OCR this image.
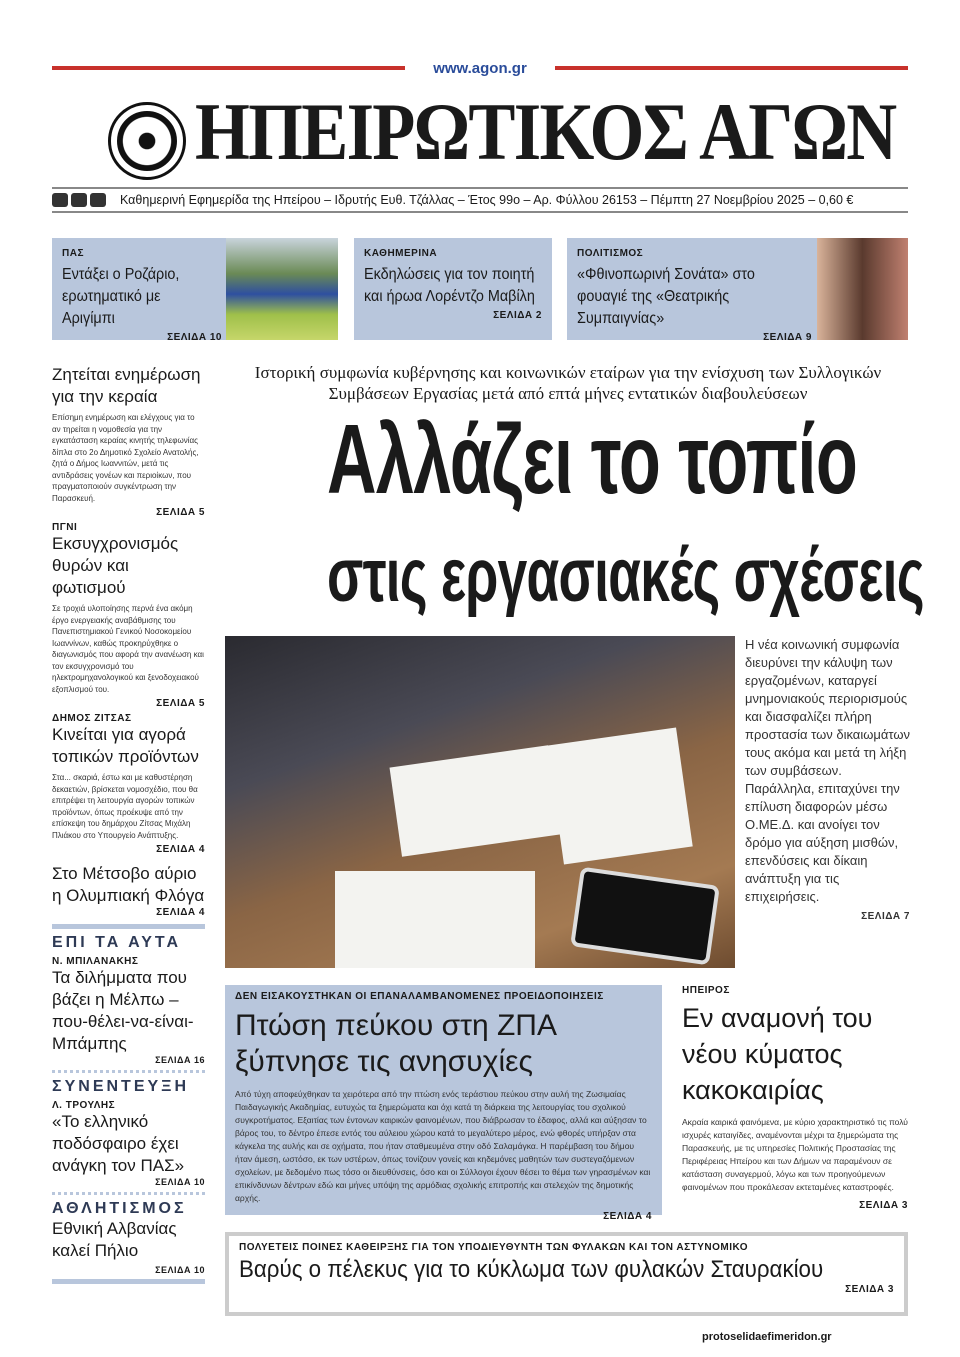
www.agon.gr
ΗΠΕΙΡΩΤΙΚΟΣ ΑΓΩΝ
Καθημερινή Εφημερίδα της Ηπείρου – Ιδρυτής Ευθ. Τζάλλας – Έτος 99ο – Αρ. Φύλλου 26153 – Πέμπτη 27 Νοεμβρίου 2025 – 0,60 €
ΠΑΣ
Εντάξει ο Ροζάριο, ερωτηματικό με Αριγίμπι
ΣΕΛΙΔΑ 10
ΚΑΘΗΜΕΡΙΝΑ
Εκδηλώσεις για τον ποιητή και ήρωα Λορέντζο Μαβίλη
ΣΕΛΙΔΑ 2
ΠΟΛΙΤΙΣΜΟΣ
«Φθινοπωρινή Σονάτα» στο φουαγιέ της «Θεατρικής Συμπαιγνίας»
ΣΕΛΙΔΑ 9
Ζητείται ενημέρωση για την κεραία

Επίσημη ενημέρωση και ελέγχους για το αν τηρείται η νομοθεσία για την εγκατάσταση κεραίας κινητής τηλεφωνίας δίπλα στο 2ο Δημοτικό Σχολείο Ανατολής, ζητά ο Δήμος Ιωαννιτών, μετά τις αντιδράσεις γονέων και περιοίκων, που πραγματοποιούν συγκέντρωση την Παρασκευή.

ΣΕΛΙΔΑ 5
ΠΓΝΙ
Εκσυγχρονισμός θυρών και φωτισμού

Σε τροχιά υλοποίησης περνά ένα ακόμη έργο ενεργειακής αναβάθμισης του Πανεπιστημιακού Γενικού Νοσοκομείου Ιωαννίνων, καθώς προκηρύχθηκε ο διαγωνισμός που αφορά την ανανέωση και τον εκσυγχρονισμό του ηλεκτρομηχανολογικού και ξενοδοχειακού εξοπλισμού του.

ΣΕΛΙΔΑ 5
ΔΗΜΟΣ ΖΙΤΣΑΣ
Κινείται για αγορά τοπικών προϊόντων

Στα... σκαριά, έστω και με καθυστέρηση δεκαετιών, βρίσκεται νομοσχέδιο, που θα επιτρέψει τη λειτουργία αγορών τοπικών προϊόντων, όπως προέκυψε από την επίσκεψη του δημάρχου Ζίτσας Μιχάλη Πλιάκου στο Υπουργείο Ανάπτυξης.

ΣΕΛΙΔΑ 4
Στο Μέτσοβο αύριο η Ολυμπιακή Φλόγα
ΣΕΛΙΔΑ 4
ΕΠΙ ΤΑ ΑΥΤΑ
Ν. ΜΠΙΛΑΝΑΚΗΣ
Τα διλήμματα που βάζει η Μέλπω –που-θέλει-να-είναι- Μπάμπης
ΣΕΛΙΔΑ 16
ΣΥΝΕΝΤΕΥΞΗ
Λ. ΤΡΟΥΛΗΣ
«Το ελληνικό ποδόσφαιρο έχει ανάγκη τον ΠΑΣ»
ΣΕΛΙΔΑ 10
ΑΘΛΗΤΙΣΜΟΣ
Εθνική Αλβανίας καλεί Πήλιο
ΣΕΛΙΔΑ 10
Ιστορική συμφωνία κυβέρνησης και κοινωνικών εταίρων για την ενίσχυση των Συλλογικών Συμβάσεων Εργασίας μετά από επτά μήνες εντατικών διαβουλεύσεων
Αλλάζει το τοπίο
στις εργασιακές σχέσεις
Η νέα κοινωνική συμφωνία διευρύνει την κάλυψη των εργαζομένων, καταργεί μνημονιακούς περιορισμούς και διασφαλίζει πλήρη προστασία των δικαιωμάτων τους ακόμα και μετά τη λήξη των συμβάσεων. Παράλληλα, επιταχύνει την επίλυση διαφορών μέσω Ο.ΜΕ.Δ. και ανοίγει τον δρόμο για αύξηση μισθών, επενδύσεις και δίκαιη ανάπτυξη για τις επιχειρήσεις.
ΣΕΛΙΔΑ 7
ΔΕΝ ΕΙΣΑΚΟΥΣΤΗΚΑΝ ΟΙ ΕΠΑΝΑΛΑΜΒΑΝΟΜΕΝΕΣ ΠΡΟΕΙΔΟΠΟΙΗΣΕΙΣ
Πτώση πεύκου στη ΖΠΑ ξύπνησε τις ανησυχίες

Από τύχη αποφεύχθηκαν τα χειρότερα από την πτώση ενός τεράστιου πεύκου στην αυλή της Ζωσιμαίας Παιδαγωγικής Ακαδημίας, ευτυχώς τα ξημερώματα και όχι κατά τη διάρκεια της λειτουργίας του σχολικού συγκροτήματος. Εξαιτίας των έντονων καιρικών φαινομένων, που διάβρωσαν το έδαφος, αλλά και αύξησαν το βάρος του, το δέντρο έπεσε εντός του αύλειου χώρου κατά το μεγαλύτερο μέρος, ενώ φθορές υπήρξαν στα κάγκελα της αυλής και σε οχήματα, που ήταν σταθμευμένα στην οδό Σαλαμάγκα. Η παρέμβαση του δήμου ήταν άμεση, ωστόσο, εκ των υστέρων, όπως τονίζουν γονείς και κηδεμόνες μαθητών των συστεγαζόμενων σχολείων, με δεδομένο πως τόσο οι διευθύνσεις, όσο και οι Σύλλογοι έχουν θέσει το θέμα των γηρασμένων και επικίνδυνων δέντρων εδώ και μήνες υπόψη της αρμόδιας σχολικής επιτροπής και στελεχών της δημοτικής αρχής.

ΣΕΛΙΔΑ 4
ΗΠΕΙΡΟΣ
Εν αναμονή του νέου κύματος κακοκαιρίας

Ακραία καιρικά φαινόμενα, με κύριο χαρακτηριστικό τις πολύ ισχυρές καταιγίδες, αναμένονται μέχρι τα ξημερώματα της Παρασκευής, με τις υπηρεσίες Πολιτικής Προστασίας της Περιφέρειας Ηπείρου και των Δήμων να παραμένουν σε κατάσταση συναγερμού, λόγω και των προηγούμενων φαινομένων που προκάλεσαν εκτεταμένες καταστροφές.

ΣΕΛΙΔΑ 3
ΠΟΛΥΕΤΕΙΣ ΠΟΙΝΕΣ ΚΑΘΕΙΡΞΗΣ ΓΙΑ ΤΟΝ ΥΠΟΔΙΕΥΘΥΝΤΗ ΤΩΝ ΦΥΛΑΚΩΝ ΚΑΙ ΤΟΝ ΑΣΤΥΝΟΜΙΚΟ
Βαρύς ο πέλεκυς για το κύκλωμα των φυλακών Σταυρακίου
ΣΕΛΙΔΑ 3
protoselidaefimeridon.gr
